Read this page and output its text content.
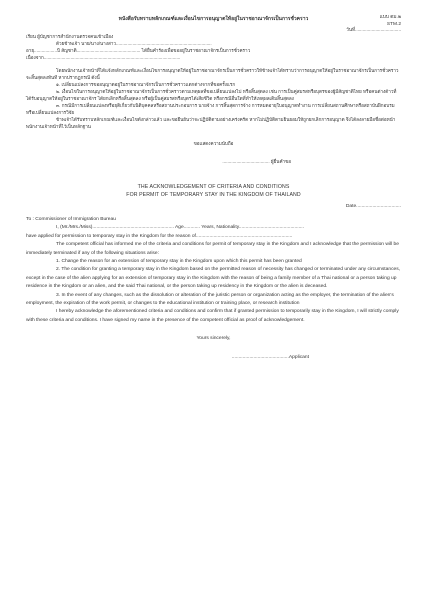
แบบ ตม.๒
STM.2

หนังสือรับทราบหลักเกณฑ์และเงื่อนไขการอนุญาตให้อยู่ในราชอาณาจักรเป็นการชั่วคราว

วันที่....................................

เรียน ผู้บัญชาการสำนักงานตรวจคนเข้าเมือง

ด้วยข้าพเจ้า นาย/นาง/นางสาว...........................................................................

อายุ..................ปี สัญชาติ.................................................. ได้ยื่นคำร้องเพื่อขออยู่ในราชอาณาจักรเป็นการชั่วคราว

เนื่องจาก...........................................................................................................

โดยพนักงานเจ้าหน้าที่ได้แจ้งหลักเกณฑ์และเงื่อนไขการอนุญาตให้อยู่ในราชอาณาจักรเป็นการชั่วคราวให้ข้าพเจ้าได้ทราบว่าการอนุญาตให้อยู่ในราชอาณาจักรเป็นการชั่วคราวจะสิ้นสุดลงทันที หากปรากฏกรณี ดังนี้

๑. เปลี่ยนแปลงการขออนุญาตอยู่ในราชอาณาจักรเป็นการชั่วคราวแตกต่างจากที่ขอครั้งแรก

๒. เงื่อนไขในการอนุญาตให้อยู่ในราชอาณาจักรเป็นการชั่วคราวตามเหตุผลที่ขอเปลี่ยนแปลงไป หรือสิ้นสุดลง เช่น การเป็นคู่สมรสหรือบุตรของผู้มีสัญชาติไทย หรือคนต่างด้าวที่ได้รับอนุญาตให้อยู่ในราชอาณาจักร ได้ยกเลิกหรือสิ้นสุดลง หรือผู้เป็นคู่สมรสหรือบุตรได้เสียชีวิต หรือกรณีอื่นใดที่ทำให้เหตุผลเดิมสิ้นสุดลง

๓. กรณีมีการเปลี่ยนแปลงหรือยุติเกี่ยวกับนิติบุคคลหรือสถานประกอบการ นายจ้าง การสิ้นสุดการจ้าง การหมดอายุใบอนุญาตทำงาน การเปลี่ยนสถานศึกษาหรือสถาบันฝึกอบรม หรือเปลี่ยนแปลงการวิจัย

ข้าพเจ้าได้รับทราบหลักเกณฑ์และเงื่อนไขดังกล่าวแล้ว และขอยืนยันว่าจะปฏิบัติตามอย่างเคร่งครัด หากไม่ปฏิบัติตามยินยอมให้ถูกยกเลิกการอนุญาต จึงได้ลงลายมือชื่อต่อหน้าพนักงานเจ้าหน้าที่ไว้เป็นหลักฐาน

ขอแสดงความนับถือ

..................................... ผู้ยื่นคำขอ

THE ACKNOWLEDGEMENT OF CRITERIA AND CONDITIONS

FOR PERMIT OF TEMPORARY STAY IN THE KINGDOM OF THAILAND

Date.................................

To : Commissioner of Immigration Bureau

I, (Mr./Mrs./Miss)............................................................ Age............ Years, Nationality................................................

have applied for permission to temporary stay in the Kingdom for the reason of.......................................................................

The competent official has informed me of the criteria and conditions for permit of temporary stay in the Kingdom and I acknowledge that the permission will be immediately terminated if any of the following situations arise:

1. Change the reason for an extension of temporary stay in the Kingdom upon which this permit has been granted

2. The condition for granting a temporary stay in the Kingdom based on the permitted reason of necessity has changed or terminated under any circumstances, except in the case of the alien applying for an extension of temporary stay in the Kingdom with the reason of being a family member of a Thai national or a person taking up residence in the Kingdom or an alien, and the said Thai national, or the person taking up residency in the Kingdom or the alien is deceased.

3. In the event of any changes, such as the dissolution or alteration of the juristic person or organization acting as the employer, the termination of the alien's employment, the expiration of the work permit, or changes to the educational institution or training place, or research institution

I hereby acknowledge the aforementioned criteria and conditions and confirm that if granted permission to temporarily stay in the Kingdom, I will strictly comply with these criteria and conditions. I have signed my name in the presence of the competent official as proof of acknowledgement.

Yours sincerely,

..........................................Applicant
